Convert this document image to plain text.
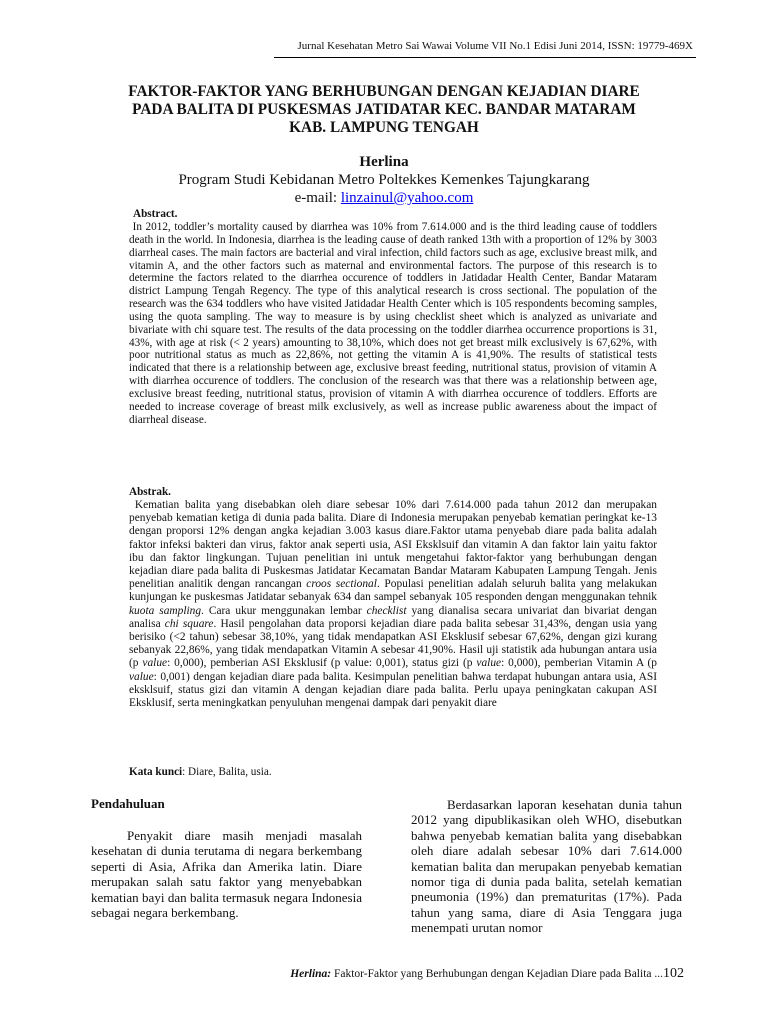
Jurnal Kesehatan Metro Sai Wawai Volume VII No.1 Edisi Juni 2014, ISSN: 19779-469X
FAKTOR-FAKTOR YANG BERHUBUNGAN DENGAN KEJADIAN DIARE
PADA BALITA DI PUSKESMAS JATIDATAR KEC. BANDAR MATARAM
KAB. LAMPUNG TENGAH
Herlina
Program Studi Kebidanan Metro Poltekkes Kemenkes Tajungkarang
e-mail: linzainul@yahoo.com
Abstract.
In 2012, toddler’s mortality caused by diarrhea was 10% from 7.614.000 and is the third leading cause of toddlers death in the world. In Indonesia, diarrhea is the leading cause of death ranked 13th with a proportion of 12% by 3003 diarrheal cases. The main factors are bacterial and viral infection, child factors such as age, exclusive breast milk, and vitamin A, and the other factors such as maternal and environmental factors. The purpose of this research is to determine the factors related to the diarrhea occurence of toddlers in Jatidadar Health Center, Bandar Mataram district Lampung Tengah Regency. The type of this analytical research is cross sectional. The population of the research was the 634 toddlers who have visited Jatidadar Health Center which is 105 respondents becoming samples, using the quota sampling. The way to measure is by using checklist sheet which is analyzed as univariate and bivariate with chi square test. The results of the data processing on the toddler diarrhea occurrence proportions is 31, 43%, with age at risk (< 2 years) amounting to 38,10%, which does not get breast milk exclusively is 67,62%, with poor nutritional status as much as 22,86%, not getting the vitamin A is 41,90%. The results of statistical tests indicated that there is a relationship between age, exclusive breast feeding, nutritional status, provision of vitamin A with diarrhea occurence of toddlers. The conclusion of the research was that there was a relationship between age, exclusive breast feeding, nutritional status, provision of vitamin A with diarrhea occurence of toddlers. Efforts are needed to increase coverage of breast milk exclusively, as well as increase public awareness about the impact of diarrheal disease.
Abstrak.
Kematian balita yang disebabkan oleh diare sebesar 10% dari 7.614.000 pada tahun 2012 dan merupakan penyebab kematian ketiga di dunia pada balita. Diare di Indonesia merupakan penyebab kematian peringkat ke-13 dengan proporsi 12% dengan angka kejadian 3.003 kasus diare.Faktor utama penyebab diare pada balita adalah faktor infeksi bakteri dan virus, faktor anak seperti usia, ASI Eksklsuif dan vitamin A dan faktor lain yaitu faktor ibu dan faktor lingkungan. Tujuan penelitian ini untuk mengetahui faktor-faktor yang berhubungan dengan kejadian diare pada balita di Puskesmas Jatidatar Kecamatan Bandar Mataram Kabupaten Lampung Tengah. Jenis penelitian analitik dengan rancangan croos sectional. Populasi penelitian adalah seluruh balita yang melakukan kunjungan ke puskesmas Jatidatar sebanyak 634 dan sampel sebanyak 105 responden dengan menggunakan tehnik kuota sampling. Cara ukur menggunakan lembar checklist yang dianalisa secara univariat dan bivariat dengan analisa chi square. Hasil pengolahan data proporsi kejadian diare pada balita sebesar 31,43%, dengan usia yang berisiko (<2 tahun) sebesar 38,10%, yang tidak mendapatkan ASI Eksklusif sebesar 67,62%, dengan gizi kurang sebanyak 22,86%, yang tidak mendapatkan Vitamin A sebesar 41,90%. Hasil uji statistik ada hubungan antara usia (p value: 0,000), pemberian ASI Eksklusif (p value: 0,001), status gizi (p value: 0,000), pemberian Vitamin A (p value: 0,001) dengan kejadian diare pada balita. Kesimpulan penelitian bahwa terdapat hubungan antara usia, ASI eksklsuif, status gizi dan vitamin A dengan kejadian diare pada balita. Perlu upaya peningkatan cakupan ASI Eksklusif, serta meningkatkan penyuluhan mengenai dampak dari penyakit diare
Kata kunci: Diare, Balita, usia.
Pendahuluan
Penyakit diare masih menjadi masalah kesehatan di dunia terutama di negara berkembang seperti di Asia, Afrika dan Amerika latin. Diare merupakan salah satu faktor yang menyebabkan kematian bayi dan balita termasuk negara Indonesia sebagai negara berkembang.
Berdasarkan laporan kesehatan dunia tahun 2012 yang dipublikasikan oleh WHO, disebutkan bahwa penyebab kematian balita yang disebabkan oleh diare adalah sebesar 10% dari 7.614.000 kematian balita dan merupakan penyebab kematian nomor tiga di dunia pada balita, setelah kematian pneumonia (19%) dan prematuritas (17%). Pada tahun yang sama, diare di Asia Tenggara juga menempati urutan nomor
Herlina: Faktor-Faktor yang Berhubungan dengan Kejadian Diare pada Balita ...102
